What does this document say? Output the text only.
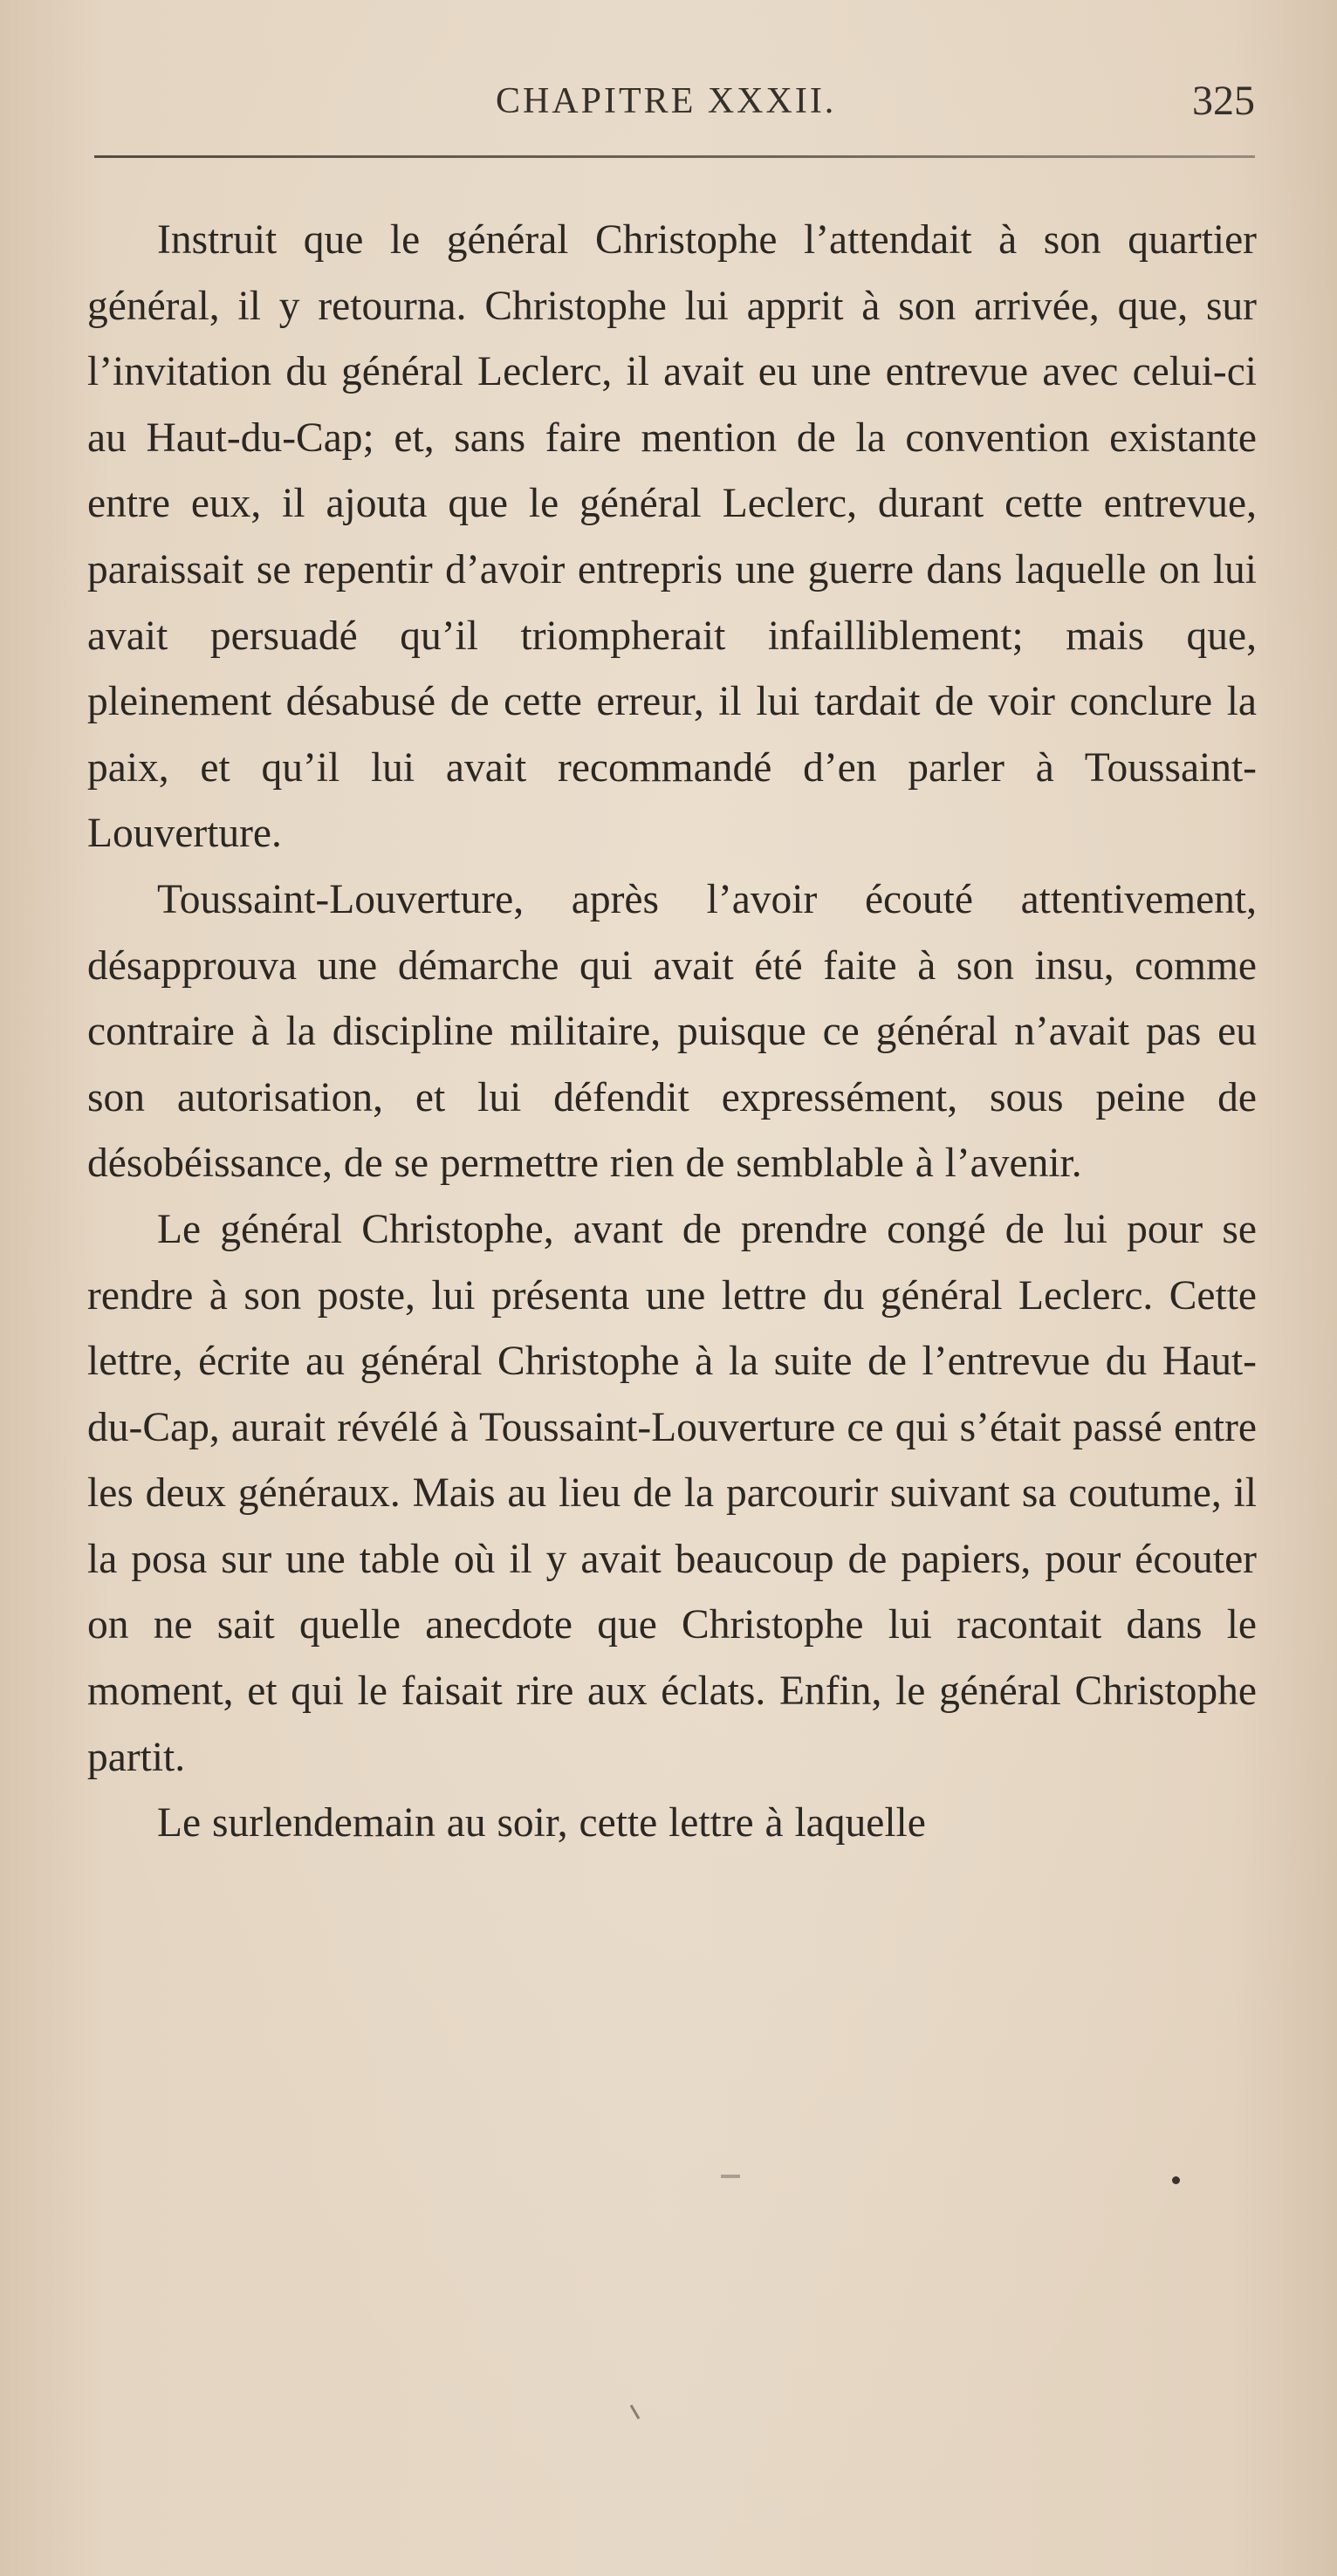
CHAPITRE XXXII.	325

Instruit que le général Christophe l’attendait à son quartier général, il y retourna. Christophe lui apprit à son arrivée, que, sur l’invitation du général Leclerc, il avait eu une entrevue avec celui-ci au Haut-du-Cap; et, sans faire mention de la convention existante entre eux, il ajouta que le général Leclerc, durant cette entrevue, paraissait se repentir d’avoir entrepris une guerre dans laquelle on lui avait persuadé qu’il triompherait infailliblement; mais que, pleinement désabusé de cette erreur, il lui tardait de voir conclure la paix, et qu’il lui avait recommandé d’en parler à Toussaint-Louverture.

Toussaint-Louverture, après l’avoir écouté attentivement, désapprouva une démarche qui avait été faite à son insu, comme contraire à la discipline militaire, puisque ce général n’avait pas eu son autorisation, et lui défendit expressément, sous peine de désobéissance, de se permettre rien de semblable à l’avenir.

Le général Christophe, avant de prendre congé de lui pour se rendre à son poste, lui présenta une lettre du général Leclerc. Cette lettre, écrite au général Christophe à la suite de l’entrevue du Haut-du-Cap, aurait révélé à Toussaint-Louverture ce qui s’était passé entre les deux généraux. Mais au lieu de la parcourir suivant sa coutume, il la posa sur une table où il y avait beaucoup de papiers, pour écouter on ne sait quelle anecdote que Christophe lui racontait dans le moment, et qui le faisait rire aux éclats. Enfin, le général Christophe partit.

Le surlendemain au soir, cette lettre à laquelle
